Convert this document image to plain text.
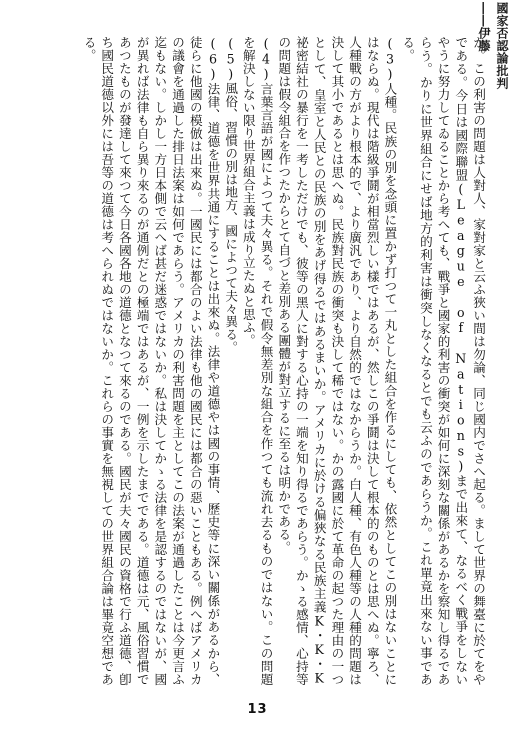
國家否認論批判――伊藤

か。この利害の問題は人對人、家對家と云ふ狹い間は勿論、同じ國内でさへ起る。まして世界の舞臺に於てをやである。今日は國際聯盟(League of Nations)まで出來て、なるべく戰爭をしないやうに努力してゐることから考へても、戰爭と國家的利害の衝突が如何に深刻な關係があるかを察知し得るであらう。かりに世界組合にせば地方的利害は衝突しなくなるとでも云ふのであらうか。これ單竟出來ない事である。

(3)人種。民族の別を念頭に置かず打つて一丸とした組合を作るにしても、依然としてこの別はないことにはならぬ。現代は階級爭鬪が相當烈しい樣ではあるが、然しこの爭鬪は決して根本的のものとは思へぬ。寧ろ、人種戰の方がより根本的で、より廣汎であり、より自然的ではなからうか。白人種、有色人種等の人種的問題は決して其小であるとは思へぬ。民族對民族の衝突も決して稀ではない。かの露國に於て革命の起つた理由の一つとして、皇室と人民との民族の別をあげ得るではあるまいか。アメリカに於ける偏狹なる民族主義K・K・K祕密結社の暴行を一考しただけでも、彼等の黑人に對する心持の一端を知り得るであらう。かゝる感情、心持等の問題は假令組合を作つたからとて自づと差別ある團體が對立するに至るは明かである。

(4)言葉言語が國によつて夫々異る。それで假令無差別な組合を作つても流れ去るものではない。この問題を解決しない限り世界組合主義は成り立たぬと思ふ。

(5)風俗、習慣の別は地方、國によつて夫々異る。

(6)法律、道德を世界共通にすることは出來ぬ。法律や道德やは國の事情、歷史等に深い關係があるから、徒らに他國の模倣は出來ぬ。一國民には都合のよい法律も他の國民には都合の惡いこともある。例へばアメリカの議會を通過した排日法案は如何であらう。アメリカの利害問題を主としてこの法案が通過したことは今更言ふ迄もない。しかし一方日本側で云へば甚だ迷惑ではないか。私は決してかゝる法律を是認するのではないが、國が異れば法律も自ら異り來るのが通例だとの極端ではあるが、一例を示したまでである。道德は元、風俗習慣であつたものが發達して來つて今日各國各地の道德となつて來るのである。國民が夫々國民の資格で行ふ道德、卽ち國民道德以外には吾等の道德は考へられぬではないか。これらの事實を無視しての世界組合論は畢竟空想である。

13
